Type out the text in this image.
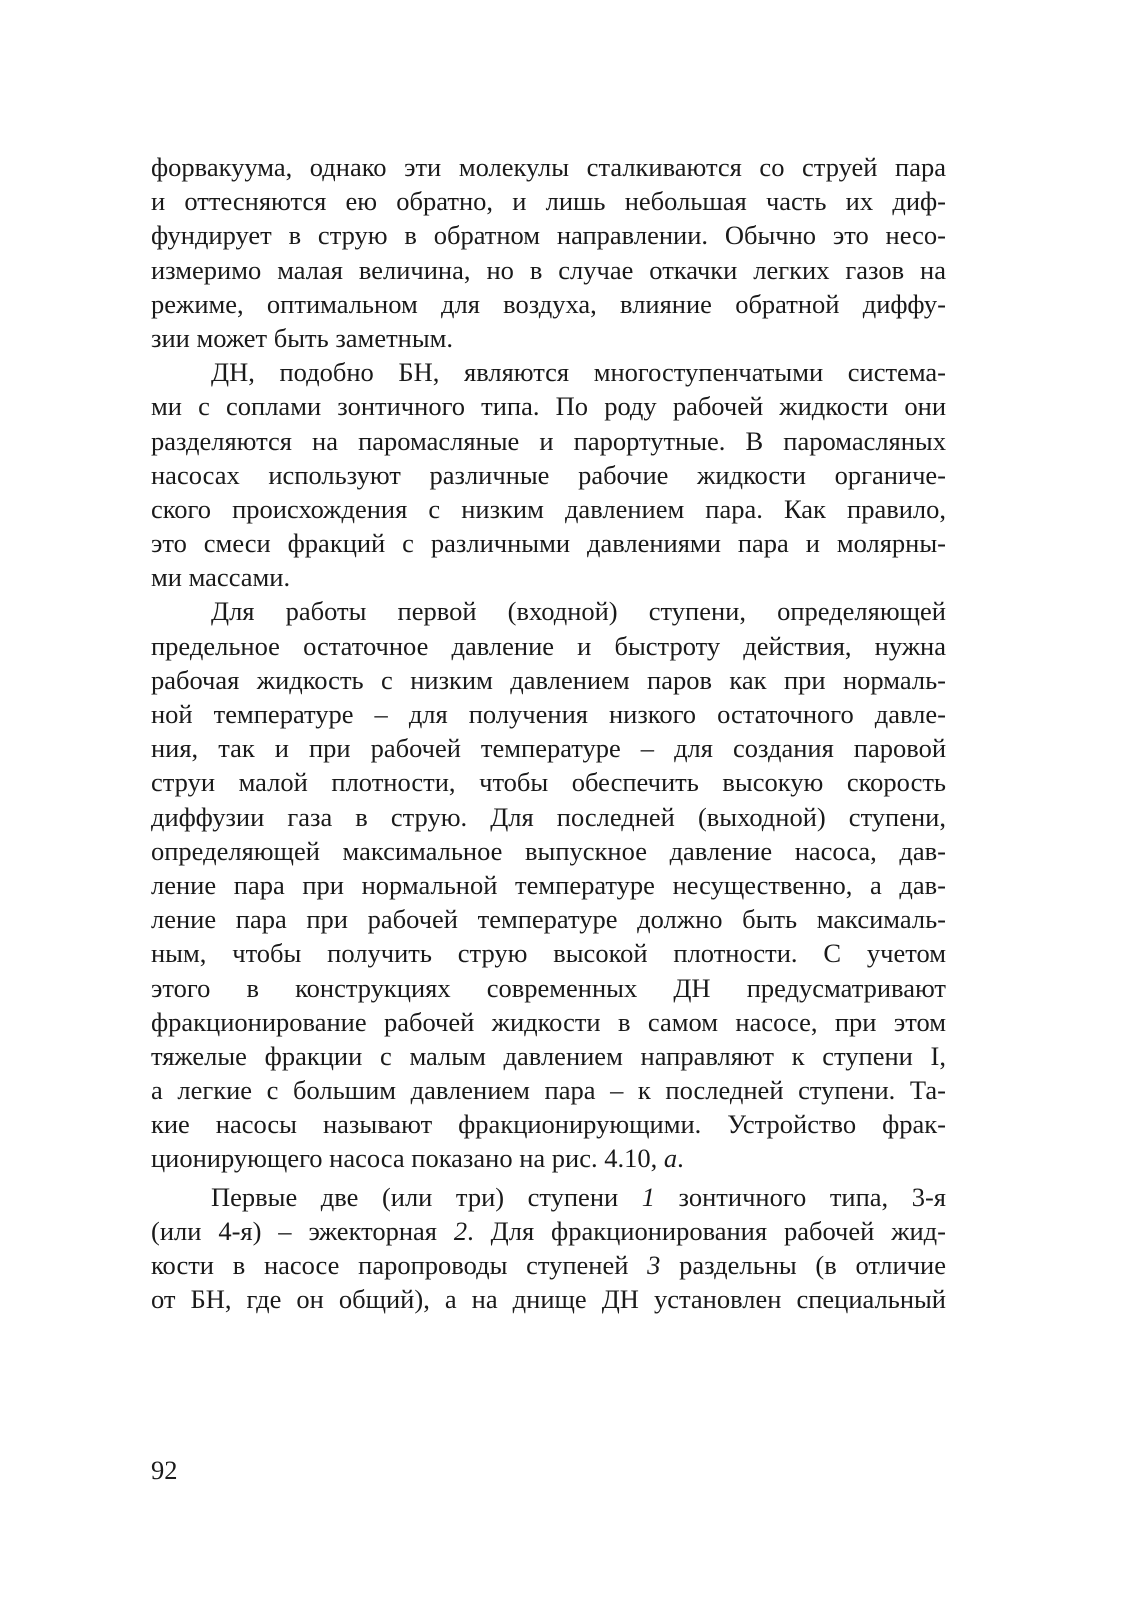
форвакуума, однако эти молекулы сталкиваются со струей пара
и оттесняются ею обратно, и лишь небольшая часть их диф-
фундирует в струю в обратном направлении. Обычно это несо-
измеримо малая величина, но в случае откачки легких газов на
режиме, оптимальном для воздуха, влияние обратной диффу-
зии может быть заметным.
ДН, подобно БН, являются многоступенчатыми система-
ми с соплами зонтичного типа. По роду рабочей жидкости они
разделяются на паромасляные и парортутные. В паромасляных
насосах используют различные рабочие жидкости органиче-
ского происхождения с низким давлением пара. Как правило,
это смеси фракций с различными давлениями пара и молярны-
ми массами.
Для работы первой (входной) ступени, определяющей
предельное остаточное давление и быстроту действия, нужна
рабочая жидкость с низким давлением паров как при нормаль-
ной температуре – для получения низкого остаточного давле-
ния, так и при рабочей температуре – для создания паровой
струи малой плотности, чтобы обеспечить высокую скорость
диффузии газа в струю. Для последней (выходной) ступени,
определяющей максимальное выпускное давление насоса, дав-
ление пара при нормальной температуре несущественно, а дав-
ление пара при рабочей температуре должно быть максималь-
ным, чтобы получить струю высокой плотности. С учетом
этого в конструкциях современных ДН предусматривают
фракционирование рабочей жидкости в самом насосе, при этом
тяжелые фракции с малым давлением направляют к ступени I,
а легкие с большим давлением пара – к последней ступени. Та-
кие насосы называют фракционирующими. Устройство фрак-
ционирующего насоса показано на рис. 4.10, а.
Первые две (или три) ступени 1 зонтичного типа, 3-я
(или 4-я) – эжекторная 2. Для фракционирования рабочей жид-
кости в насосе паропроводы ступеней 3 раздельны (в отличие
от БН, где он общий), а на днище ДН установлен специальный
92
